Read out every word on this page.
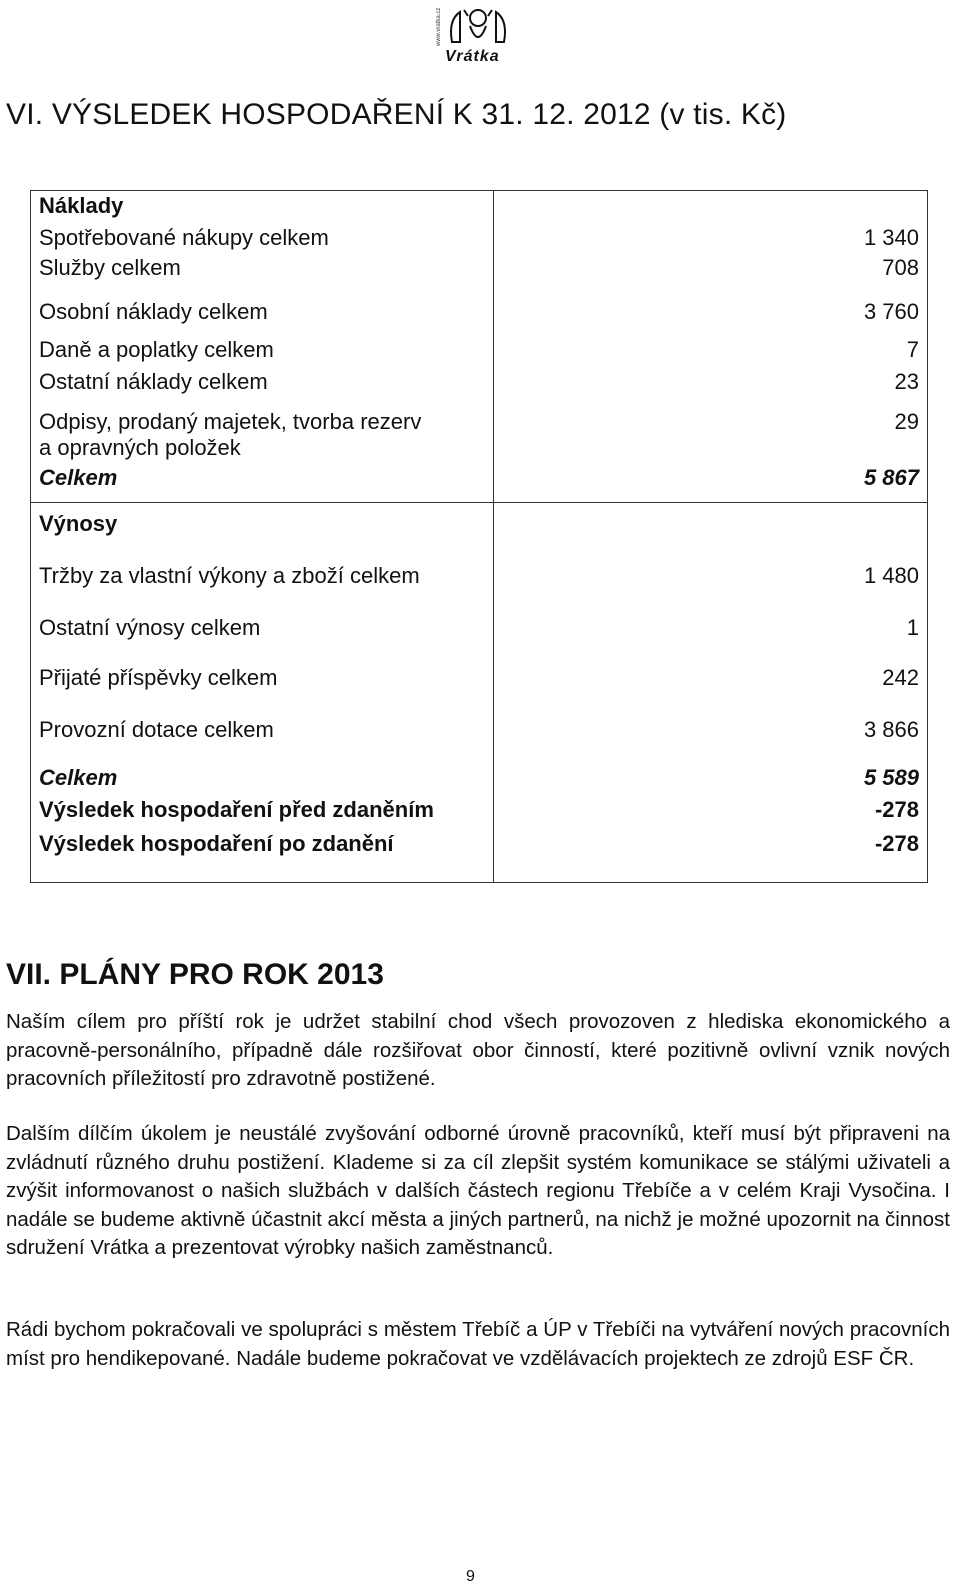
www.vratka.cz
Vrátka
VI. VÝSLEDEK HOSPODAŘENÍ K 31. 12. 2012 (v tis. Kč)
Náklady	
Spotřebované nákupy celkem	1 340
Služby celkem	708
Osobní náklady celkem	3 760
Daně a poplatky celkem	7
Ostatní náklady celkem	23
Odpisy, prodaný majetek, tvorba rezerv
a opravných položek	29
Celkem	5 867
Výnosy	
Tržby za vlastní výkony a zboží celkem	1 480
Ostatní výnosy celkem	1
Přijaté příspěvky celkem	242
Provozní dotace celkem	3 866
Celkem	5 589
Výsledek hospodaření před zdaněním	-278
Výsledek hospodaření po zdanění	-278
VII. PLÁNY PRO ROK 2013

Naším cílem pro příští rok je udržet stabilní chod všech provozoven z hlediska ekonomického a pracovně-personálního, případně dále rozšiřovat obor činností, které pozitivně ovlivní vznik nových pracovních příležitostí pro zdravotně postižené.

Dalším dílčím úkolem je neustálé zvyšování odborné úrovně pracovníků, kteří musí být připraveni na zvládnutí různého druhu postižení. Klademe si za cíl zlepšit systém komunikace se stálými uživateli a zvýšit informovanost o našich službách v dalších částech regionu Třebíče a v celém Kraji Vysočina. I nadále se budeme aktivně účastnit akcí města a jiných partnerů, na nichž je možné upozornit na činnost sdružení Vrátka a prezentovat výrobky našich zaměstnanců.

Rádi bychom pokračovali ve spolupráci s městem Třebíč a ÚP v Třebíči na vytváření nových pracovních míst pro hendikepované. Nadále budeme pokračovat ve vzdělávacích projektech ze zdrojů ESF ČR.

9
